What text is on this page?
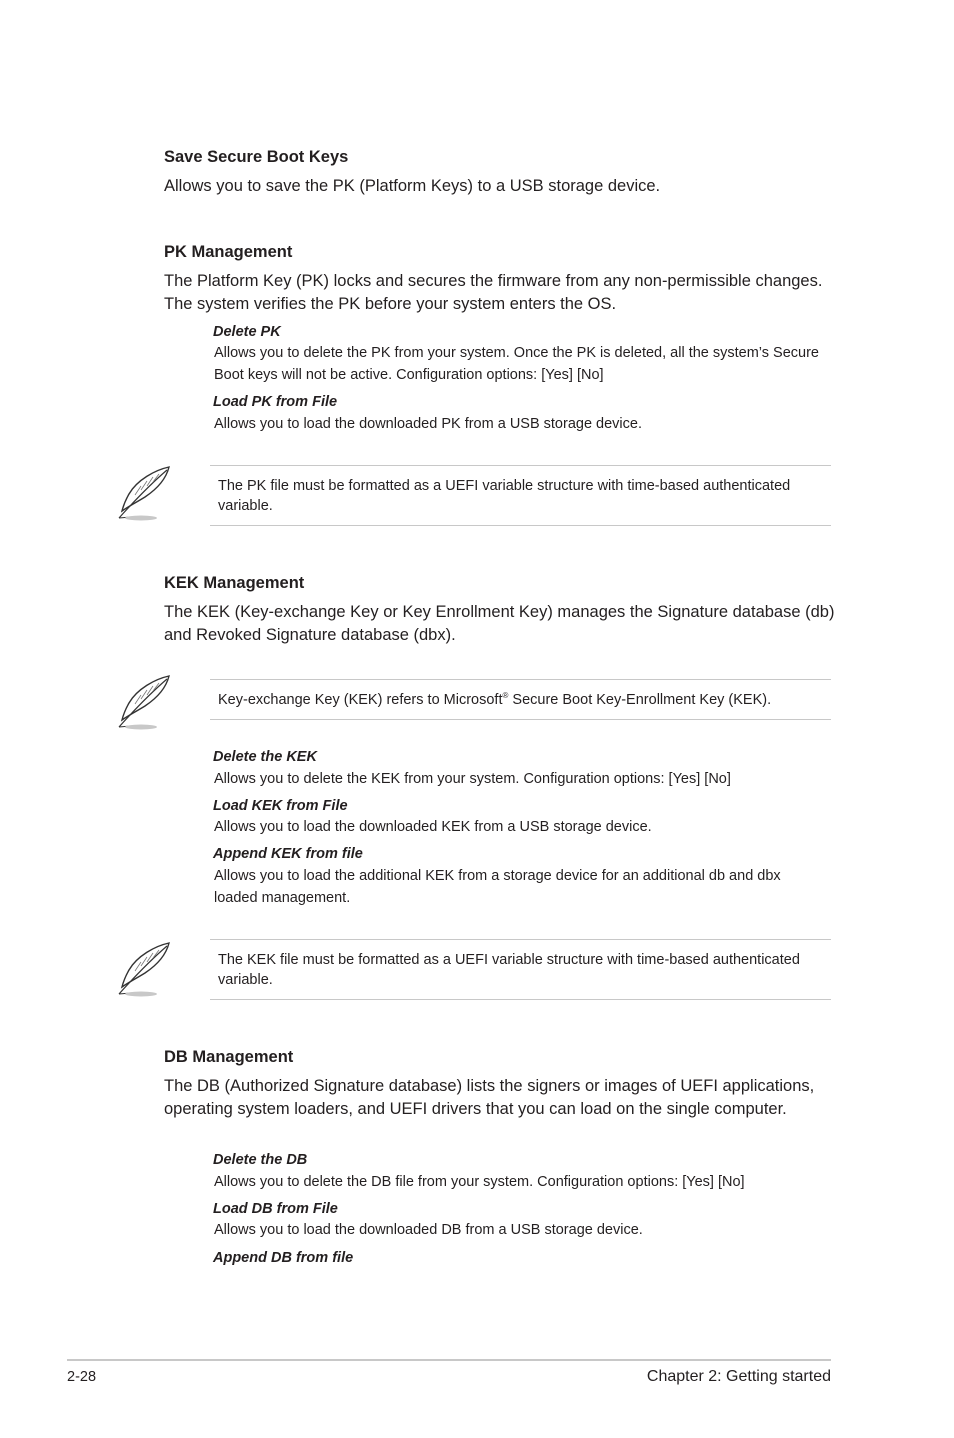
Save Secure Boot Keys
Allows you to save the PK (Platform Keys) to a USB storage device.
PK Management
The Platform Key (PK) locks and secures the firmware from any non-permissible changes. The system verifies the PK before your system enters the OS.
Delete PK
Allows you to delete the PK from your system. Once the PK is deleted, all the system’s Secure Boot keys will not be active. Configuration options: [Yes] [No]
Load PK from File
Allows you to load the downloaded PK from a USB storage device.
The PK file must be formatted as a UEFI variable structure with time-based authenticated variable.
KEK Management
The KEK (Key-exchange Key or Key Enrollment Key) manages the Signature database (db) and Revoked Signature database (dbx).
Key-exchange Key (KEK) refers to Microsoft® Secure Boot Key-Enrollment Key (KEK).
Delete the KEK
Allows you to delete the KEK from your system. Configuration options: [Yes] [No]
Load KEK from File
Allows you to load the downloaded KEK from a USB storage device.
Append KEK from file
Allows you to load the additional KEK from a storage device for an additional db and dbx loaded management.
The KEK file must be formatted as a UEFI variable structure with time-based authenticated variable.
DB Management
The DB (Authorized Signature database) lists the signers or images of UEFI applications, operating system loaders, and UEFI drivers that you can load on the single computer.
Delete the DB
Allows you to delete the DB file from your system. Configuration options: [Yes] [No]
Load DB from File
Allows you to load the downloaded DB from a USB storage device.
Append DB from file
2-28	Chapter 2: Getting started
